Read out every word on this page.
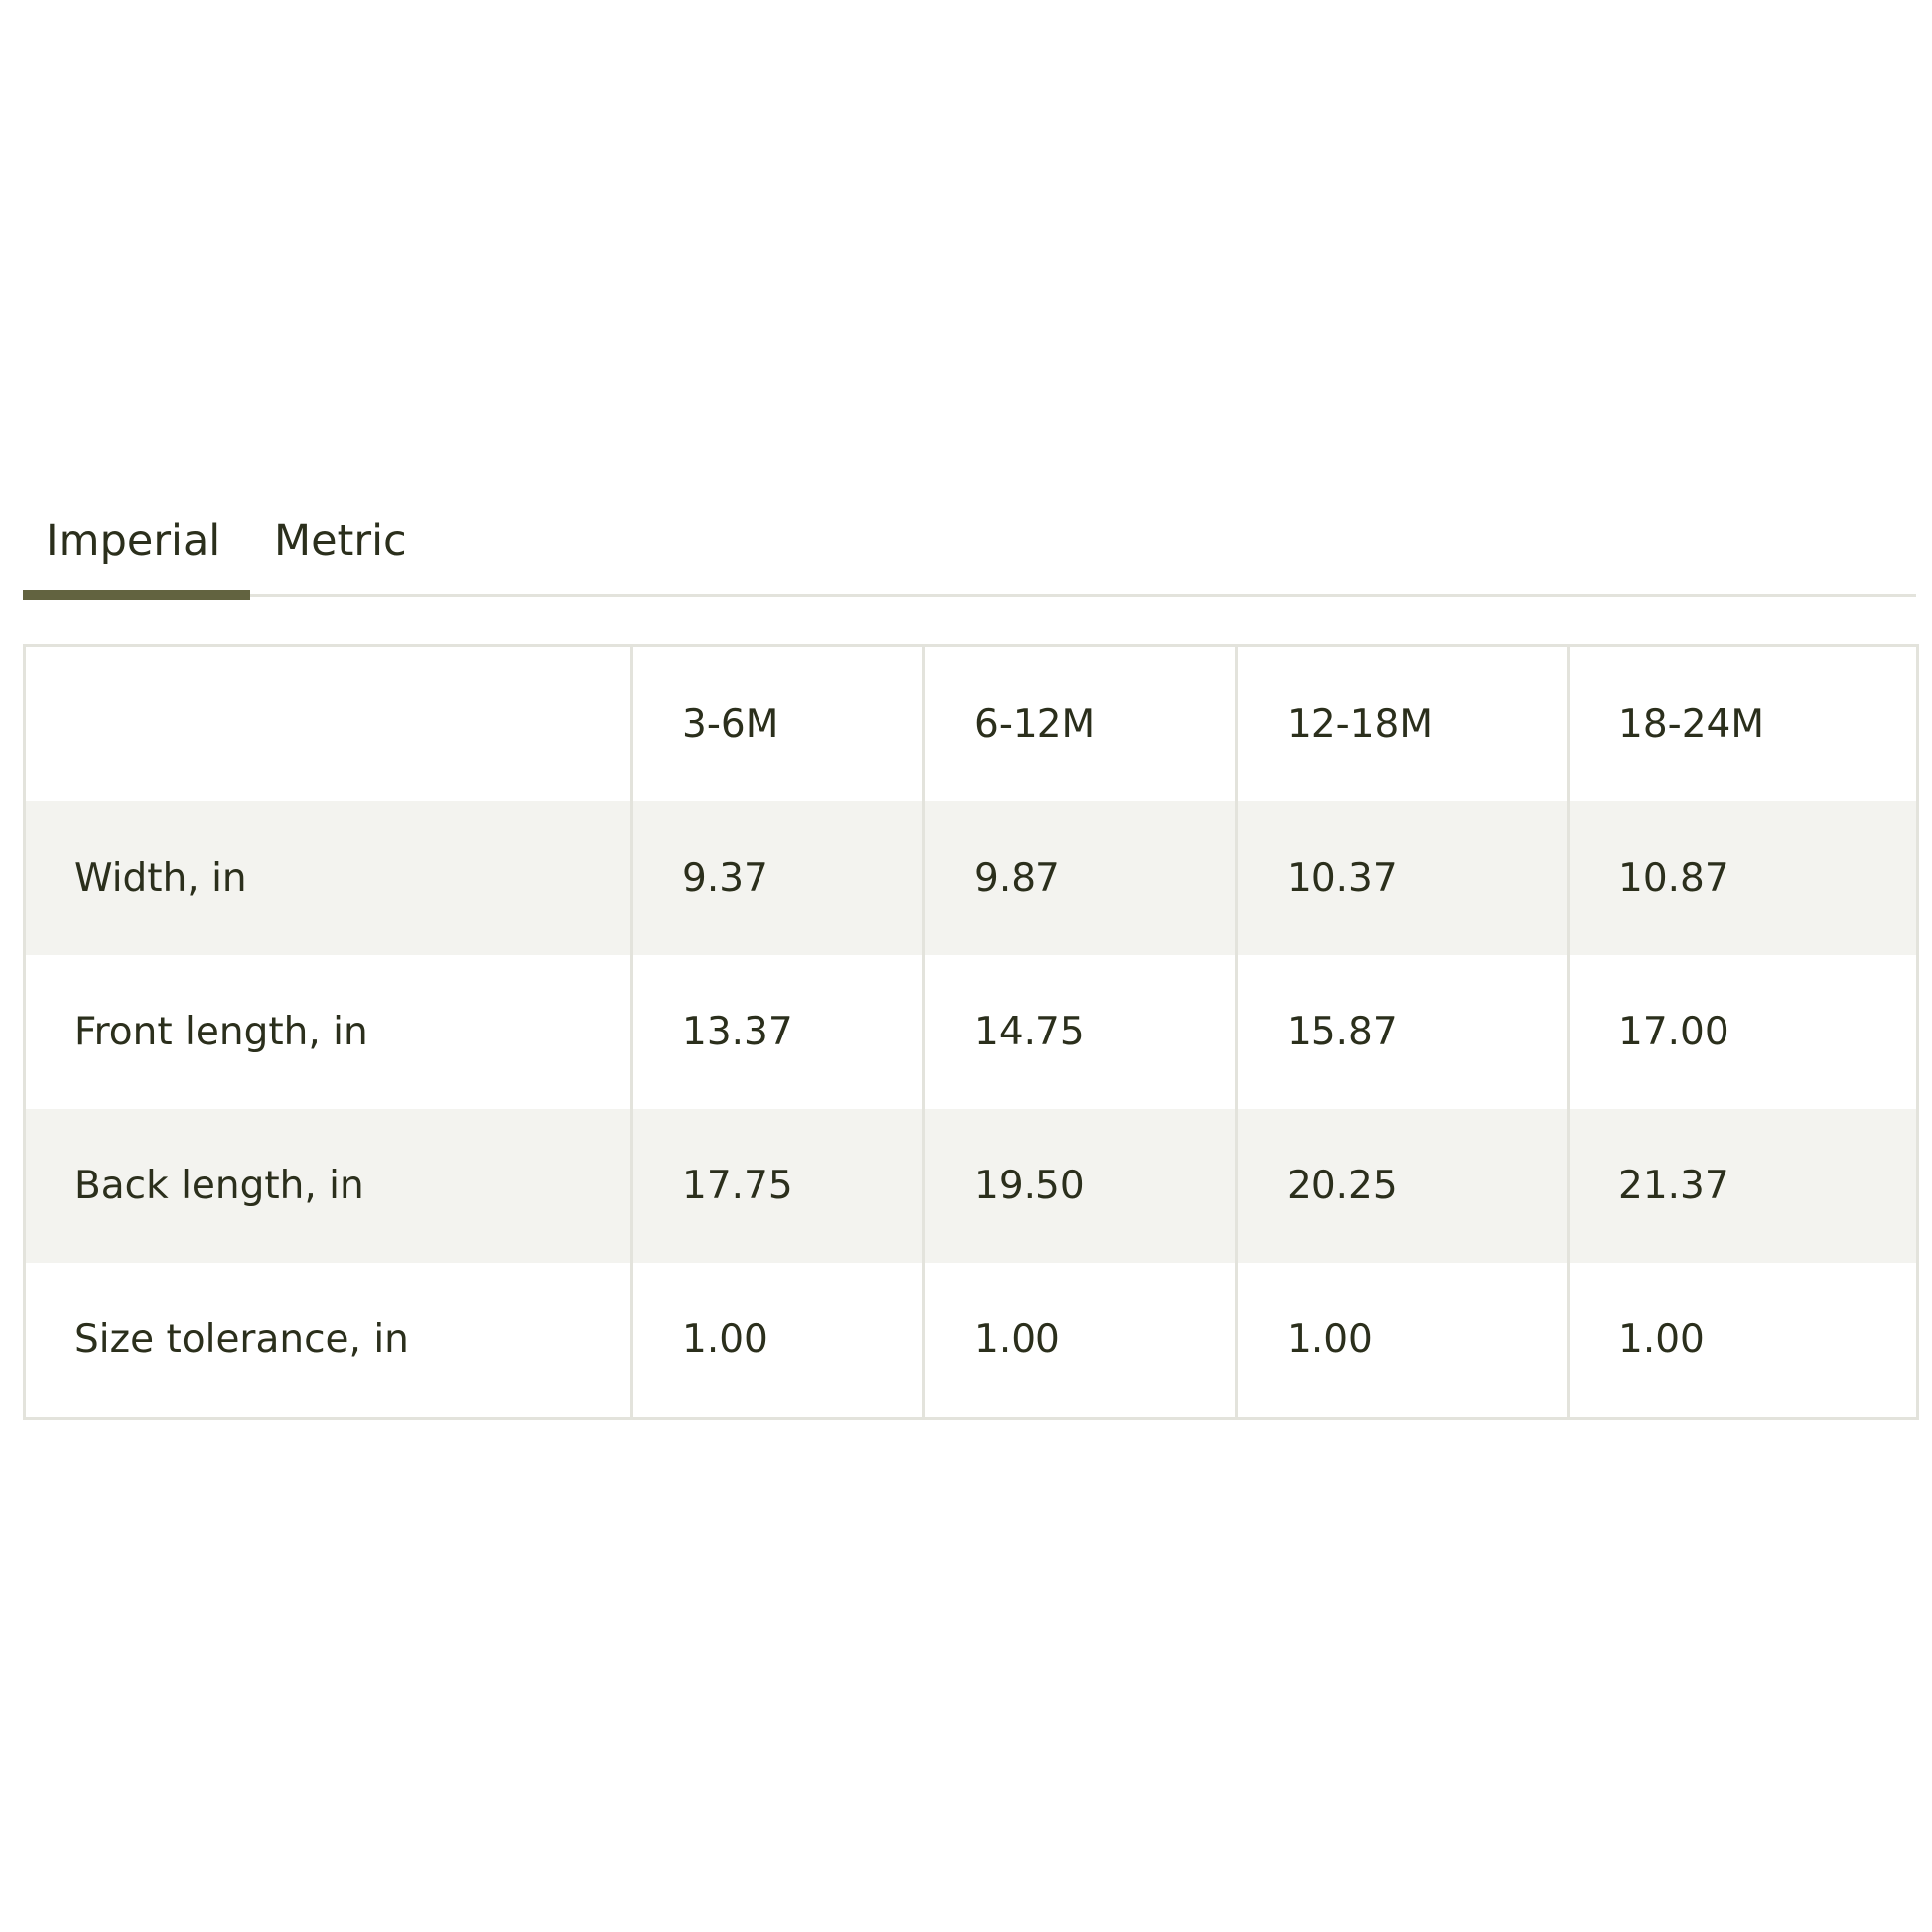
Imperial	Metric
	3-6M	6-12M	12-18M	18-24M
Width, in	9.37	9.87	10.37	10.87
Front length, in	13.37	14.75	15.87	17.00
Back length, in	17.75	19.50	20.25	21.37
Size tolerance, in	1.00	1.00	1.00	1.00
